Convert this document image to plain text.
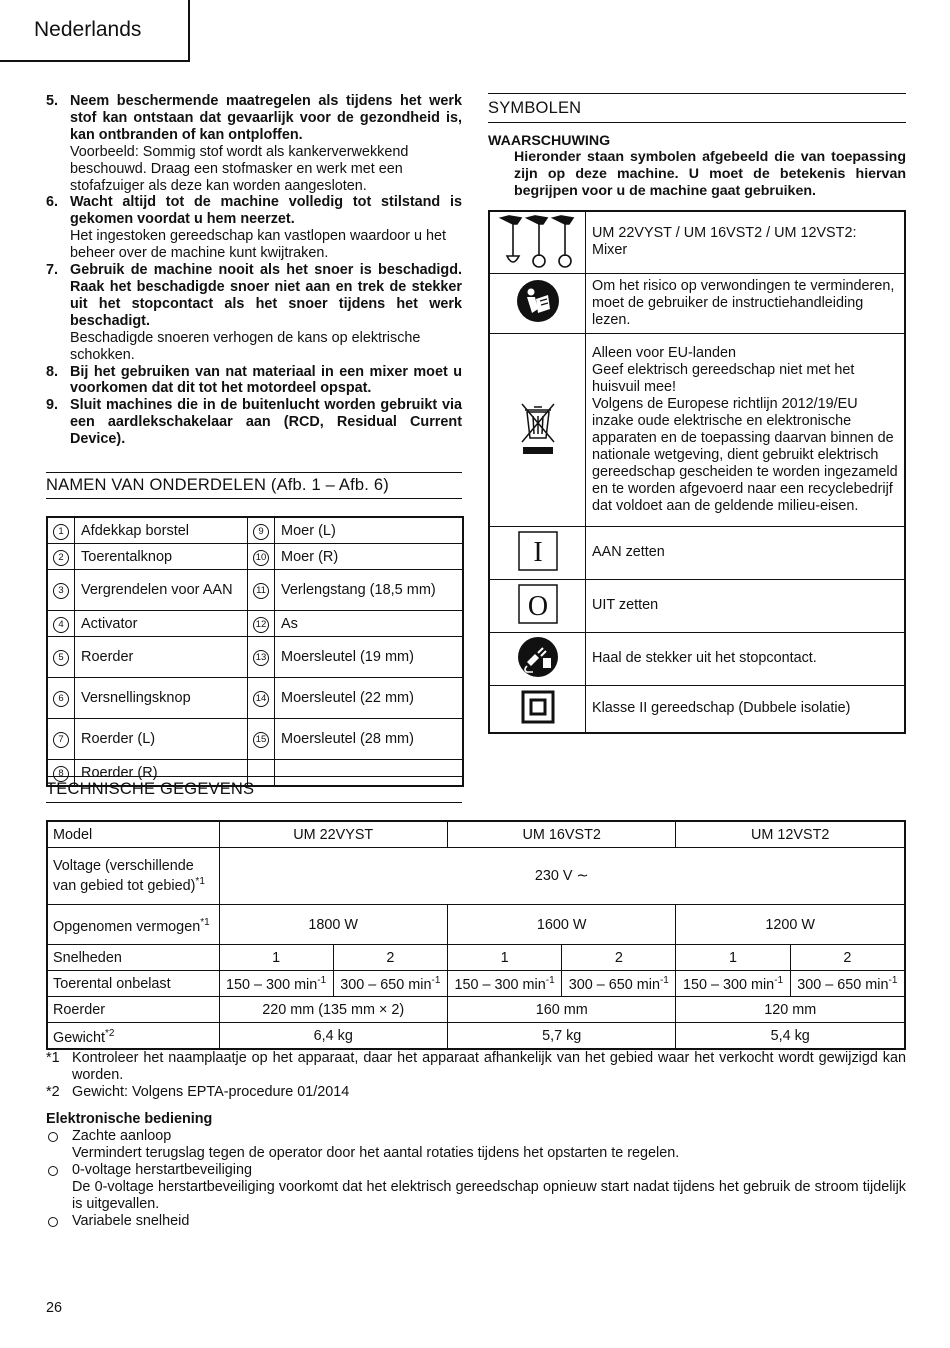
Nederlands
5. Neem beschermende maatregelen als tijdens het werk stof kan ontstaan dat gevaarlijk voor de gezondheid is, kan ontbranden of kan ontploffen.
Voorbeeld: Sommig stof wordt als kankerverwekkend beschouwd. Draag een stofmasker en werk met een stofafzuiger als deze kan worden aangesloten.
6. Wacht altijd tot de machine volledig tot stilstand is gekomen voordat u hem neerzet.
Het ingestoken gereedschap kan vastlopen waardoor u het beheer over de machine kunt kwijtraken.
7. Gebruik de machine nooit als het snoer is beschadigd. Raak het beschadigde snoer niet aan en trek de stekker uit het stopcontact als het snoer tijdens het werk beschadigt.
Beschadigde snoeren verhogen de kans op elektrische schokken.
8. Bij het gebruiken van nat materiaal in een mixer moet u voorkomen dat dit tot het motordeel opspat.
9. Sluit machines die in de buitenlucht worden gebruikt via een aardlekschakelaar aan (RCD, Residual Current Device).
NAMEN VAN ONDERDELEN (Afb. 1 – Afb. 6)
1	Afdekkap borstel	9	Moer (L)
2	Toerentalknop	10	Moer (R)
3	Vergrendelen voor AAN	11	Verlengstang (18,5 mm)
4	Activator	12	As
5	Roerder	13	Moersleutel (19 mm)
6	Versnellingsknop	14	Moersleutel (22 mm)
7	Roerder (L)	15	Moersleutel (28 mm)
8	Roerder (R)		
SYMBOLEN
WAARSCHUWING
Hieronder staan symbolen afgebeeld die van toepassing zijn op deze machine. U moet de betekenis hiervan begrijpen voor u de machine gaat gebruiken.
	UM 22VYST / UM 16VST2 / UM 12VST2:
Mixer
	Om het risico op verwondingen te verminderen, moet de gebruiker de instructiehandleiding lezen.
	Alleen voor EU-landen
Geef elektrisch gereedschap niet met het huisvuil mee!
Volgens de Europese richtlijn 2012/19/EU inzake oude elektrische en elektronische apparaten en de toepassing daarvan binnen de nationale wetgeving, dient gebruikt elektrisch gereedschap gescheiden te worden ingezameld en te worden afgevoerd naar een recyclebedrijf dat voldoet aan de geldende milieu-eisen.

I	AAN zetten

O	UIT zetten
	Haal de stekker uit het stopcontact.
	Klasse II gereedschap (Dubbele isolatie)
TECHNISCHE GEGEVENS
Model	UM 22VYST		UM 16VST2		UM 12VST2	
Voltage (verschillende van gebied tot gebied)$^{*1}$	230 V ∼					
Opgenomen vermogen$^{*1}$	1800 W		1600 W		1200 W	
Snelheden	1	2	1	2	1	2
Toerental onbelast	150 – 300 $\min^{-1}$	300 – 650 $\min^{-1}$	150 – 300 $\min^{-1}$	300 – 650 $\min^{-1}$	150 – 300 $\min^{-1}$	300 – 650 $\min^{-1}$
Roerder	220 mm (135 mm × 2)		160 mm		120 mm	
Gewicht$^{*2}$	6,4 kg		5,7 kg		5,4 kg	
*1 Kontroleer het naamplaatje op het apparaat, daar het apparaat afhankelijk van het gebied waar het verkocht wordt gewijzigd kan worden.
*2 Gewicht: Volgens EPTA-procedure 01/2014
Elektronische bediening
Zachte aanloop
Vermindert terugslag tegen de operator door het aantal rotaties tijdens het opstarten te regelen.
0-voltage herstartbeveiliging
De 0-voltage herstartbeveiliging voorkomt dat het elektrisch gereedschap opnieuw start nadat tijdens het gebruik de stroom tijdelijk is uitgevallen.
Variabele snelheid
26
